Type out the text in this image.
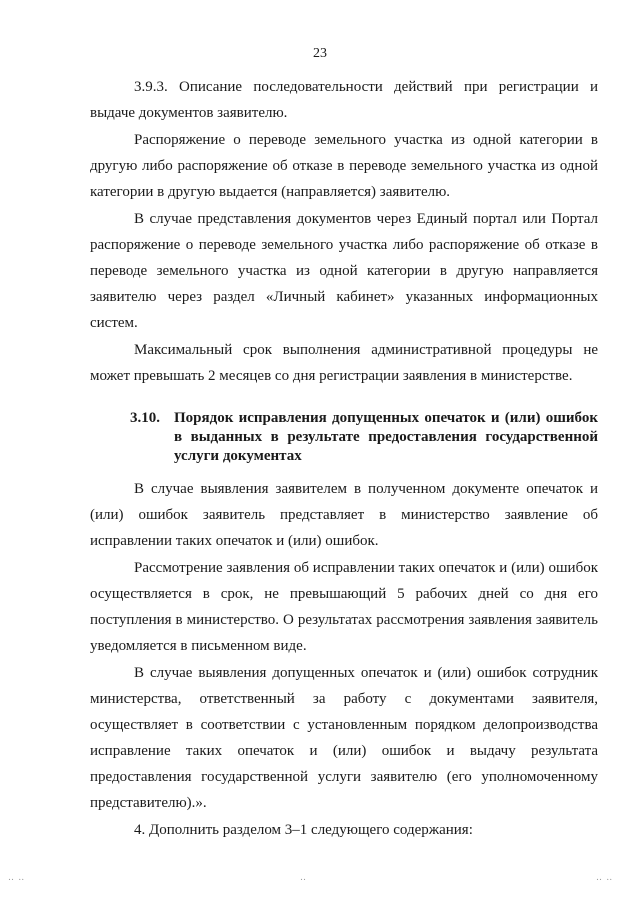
23

3.9.3. Описание последовательности действий при регистрации и выдаче документов заявителю.

Распоряжение о переводе земельного участка из одной категории в другую либо распоряжение об отказе в переводе земельного участка из одной категории в другую выдается (направляется) заявителю.

В случае представления документов через Единый портал или Портал распоряжение о переводе земельного участка либо распоряжение об отказе в переводе земельного участка из одной категории в другую направляется заявителю через раздел «Личный кабинет» указанных информационных систем.

Максимальный срок выполнения административной процедуры не может превышать 2 месяцев со дня регистрации заявления в министерстве.

3.10. Порядок исправления допущенных опечаток и (или) ошибок в выданных в результате предоставления государственной услуги документах

В случае выявления заявителем в полученном документе опечаток и (или) ошибок заявитель представляет в министерство заявление об исправлении таких опечаток и (или) ошибок.

Рассмотрение заявления об исправлении таких опечаток и (или) ошибок осуществляется в срок, не превышающий 5 рабочих дней со дня его поступления в министерство. О результатах рассмотрения заявления заявитель уведомляется в письменном виде.

В случае выявления допущенных опечаток и (или) ошибок сотрудник министерства, ответственный за работу с документами заявителя, осуществляет в соответствии с установленным порядком делопроизводства исправление таких опечаток и (или) ошибок и выдачу результата предоставления государственной услуги заявителю (его уполномоченному представителю).».

4. Дополнить разделом 3–1 следующего содержания:

‥ ‥	‥	‥ ‥
